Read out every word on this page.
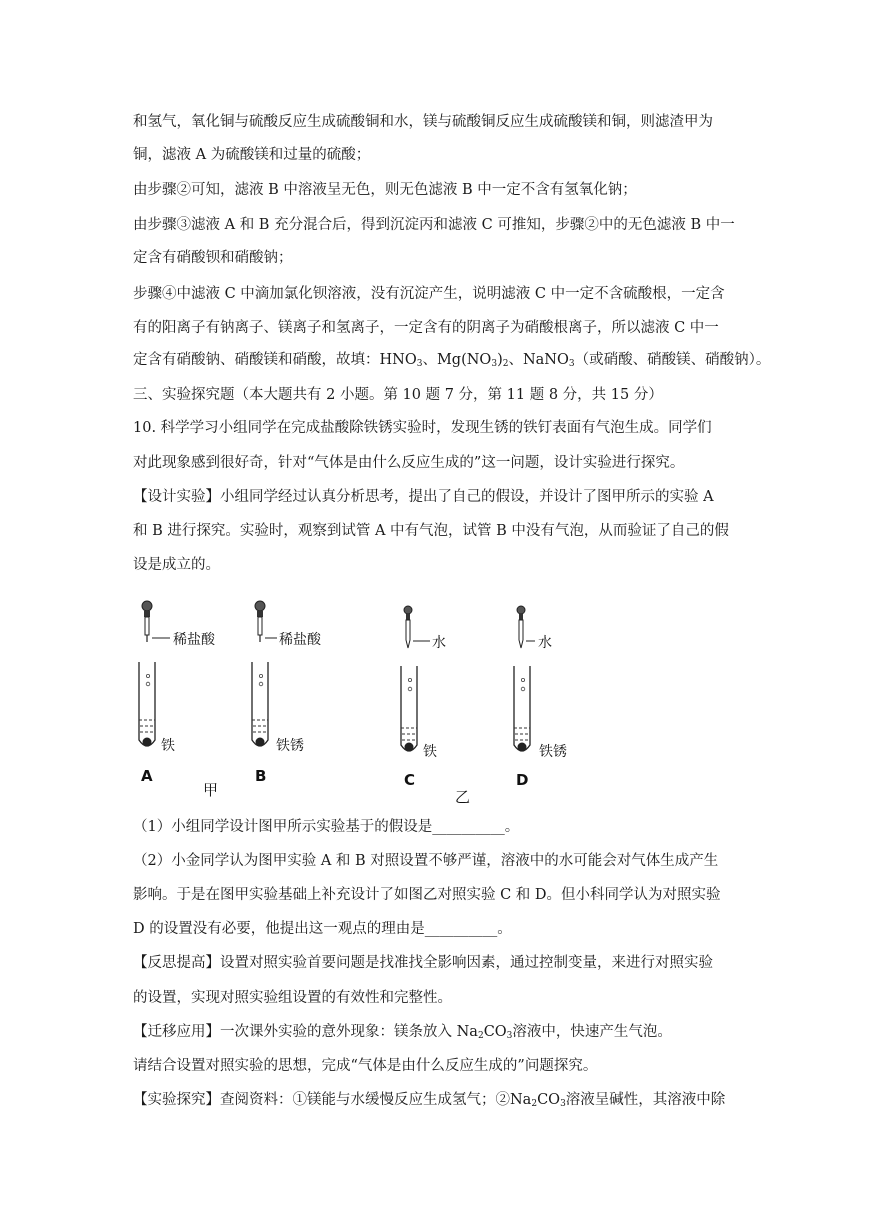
和氢气，氧化铜与硫酸反应生成硫酸铜和水，镁与硫酸铜反应生成硫酸镁和铜，则滤渣甲为
铜，滤液 A 为硫酸镁和过量的硫酸；
由步骤②可知，滤液 B 中溶液呈无色，则无色滤液 B 中一定不含有氢氧化钠；
由步骤③滤液 A 和 B 充分混合后，得到沉淀丙和滤液 C 可推知，步骤②中的无色滤液 B 中一
定含有硝酸钡和硝酸钠；
步骤④中滤液 C 中滴加氯化钡溶液，没有沉淀产生，说明滤液 C 中一定不含硫酸根，一定含
有的阳离子有钠离子、镁离子和氢离子，一定含有的阴离子为硝酸根离子，所以滤液 C 中一
定含有硝酸钠、硝酸镁和硝酸，故填：$HNO_3$、$Mg(NO_3)_2$、NaNO$_3$（或硝酸、硝酸镁、硝酸钠）。
三、实验探究题（本大题共有 2 小题。第 10 题 7 分，第 11 题 8 分，共 15 分）
10. 科学学习小组同学在完成盐酸除铁锈实验时，发现生锈的铁钉表面有气泡生成。同学们
对此现象感到很好奇，针对“气体是由什么反应生成的”这一问题，设计实验进行探究。
【设计实验】小组同学经过认真分析思考，提出了自己的假设，并设计了图甲所示的实验 A
和 B 进行探究。实验时，观察到试管 A 中有气泡，试管 B 中没有气泡，从而验证了自己的假
设是成立的。
稀盐酸
铁
A
稀盐酸
铁锈
B
甲
水
铁
C
乙
水
铁锈
D
（1）小组同学设计图甲所示实验基于的假设是__________。
（2）小金同学认为图甲实验 A 和 B 对照设置不够严谨，溶液中的水可能会对气体生成产生
影响。于是在图甲实验基础上补充设计了如图乙对照实验 C 和 D。但小科同学认为对照实验
D 的设置没有必要，他提出这一观点的理由是__________。
【反思提高】设置对照实验首要问题是找准找全影响因素，通过控制变量，来进行对照实验
的设置，实现对照实验组设置的有效性和完整性。
【迁移应用】一次课外实验的意外现象：镁条放入 $Na_2CO_3$溶液中，快速产生气泡。
请结合设置对照实验的思想，完成“气体是由什么反应生成的”问题探究。
【实验探究】查阅资料：①镁能与水缓慢反应生成氢气；$②Na_2CO_3$溶液呈碱性，其溶液中除
